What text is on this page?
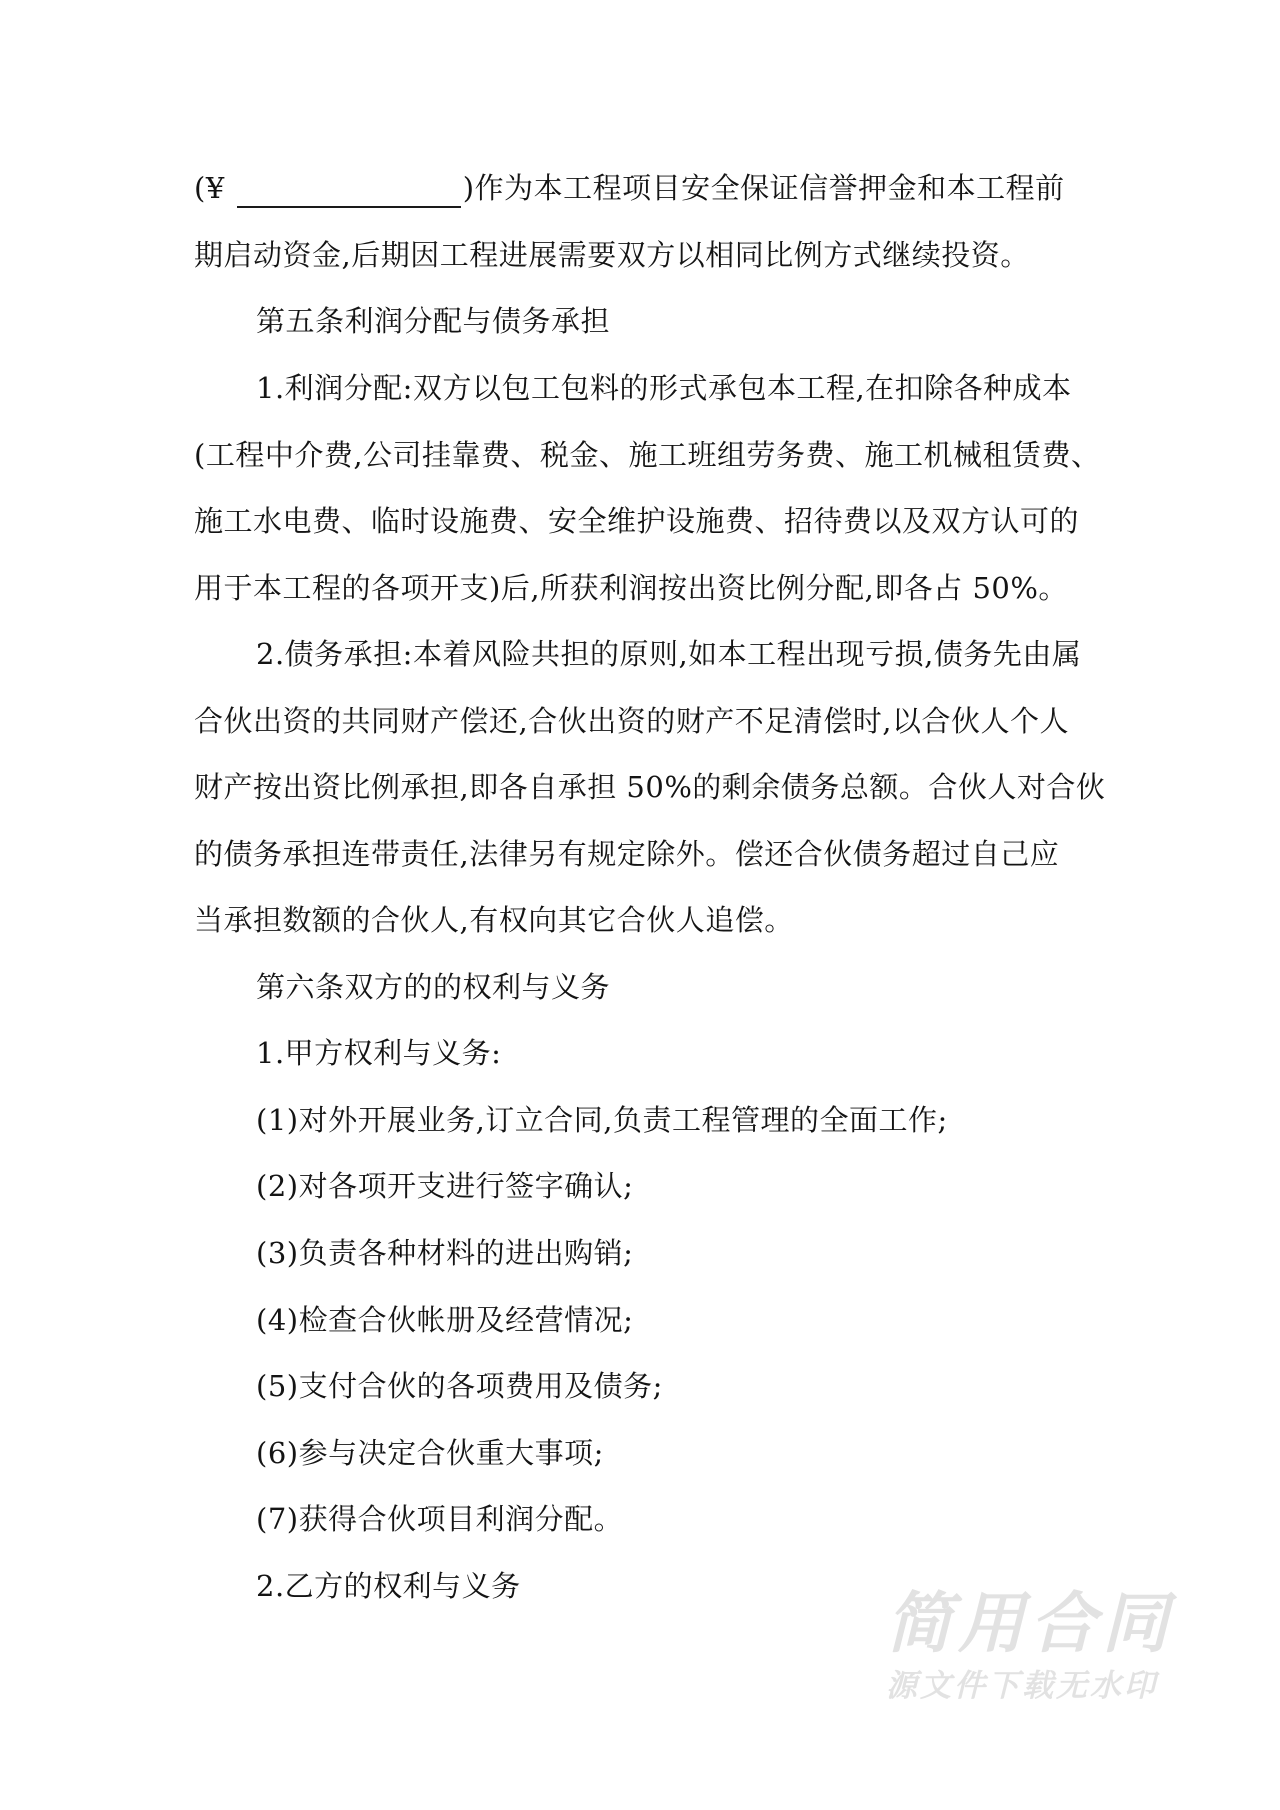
(¥	)作为本工程项目安全保证信誉押金和本工程前
期启动资金,后期因工程进展需要双方以相同比例方式继续投资。
第五条利润分配与债务承担
1.利润分配:双方以包工包料的形式承包本工程,在扣除各种成本
(工程中介费,公司挂靠费、税金、施工班组劳务费、施工机械租赁费、
施工水电费、临时设施费、安全维护设施费、招待费以及双方认可的
用于本工程的各项开支)后,所获利润按出资比例分配,即各占 50%。
2.债务承担:本着风险共担的原则,如本工程出现亏损,债务先由属
合伙出资的共同财产偿还,合伙出资的财产不足清偿时,以合伙人个人
财产按出资比例承担,即各自承担 50%的剩余债务总额。合伙人对合伙
的债务承担连带责任,法律另有规定除外。偿还合伙债务超过自己应
当承担数额的合伙人,有权向其它合伙人追偿。
第六条双方的的权利与义务
1.甲方权利与义务:
(1)对外开展业务,订立合同,负责工程管理的全面工作;
(2)对各项开支进行签字确认;
(3)负责各种材料的进出购销;
(4)检查合伙帐册及经营情况;
(5)支付合伙的各项费用及债务;
(6)参与决定合伙重大事项;
(7)获得合伙项目利润分配。
2.乙方的权利与义务	简用合同
源文件下载无水印
